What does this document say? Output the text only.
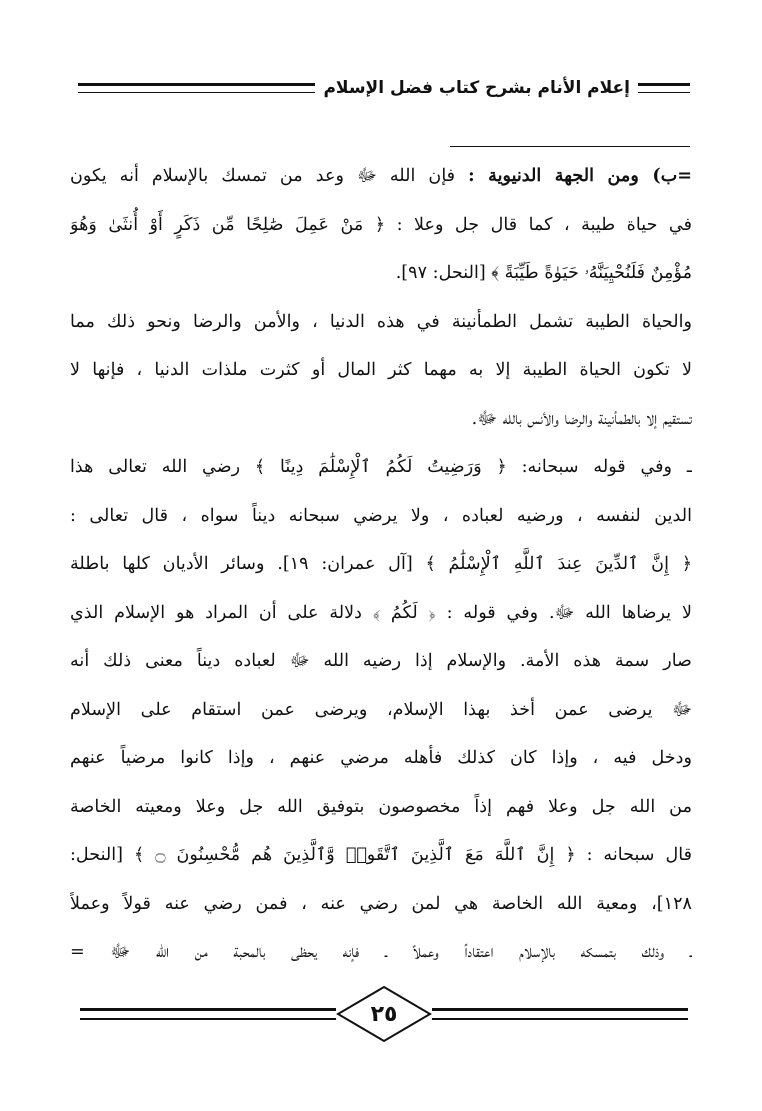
إعلام الأنام بشرح كتاب فضل الإسلام
=ب) ومن الجهة الدنيوية : فإن الله ﷻ وعد من تمسك بالإسلام أنه يكون
في حياة طيبة ، كما قال جل وعلا : ﴿ مَنْ عَمِلَ صَٰلِحًا مِّن ذَكَرٍ أَوْ أُنثَىٰ وَهُوَ
مُؤْمِنٌ فَلَنُحْيِيَنَّهُۥ حَيَوٰةً طَيِّبَةً ﴾ [النحل: ٩٧].
والحياة الطيبة تشمل الطمأنينة في هذه الدنيا ، والأمن والرضا ونحو ذلك مما
لا تكون الحياة الطيبة إلا به مهما كثر المال أو كثرت ملذات الدنيا ، فإنها لا
تستقيم إلا بالطمأنينة والرضا والأنس بالله ﷻ.
ـ وفي قوله سبحانه: ﴿ وَرَضِيتُ لَكُمُ ٱلْإِسْلَٰمَ دِينًا ﴾ رضي الله تعالى هذا
الدين لنفسه ، ورضيه لعباده ، ولا يرضي سبحانه ديناً سواه ، قال تعالى :
﴿ إِنَّ ٱلدِّينَ عِندَ ٱللَّهِ ٱلْإِسْلَٰمُ ﴾ [آل عمران: ١٩]. وسائر الأديان كلها باطلة
لا يرضاها الله ﷻ. وفي قوله : ﴿ لَكُمُ ﴾ دلالة على أن المراد هو الإسلام الذي
صار سمة هذه الأمة. والإسلام إذا رضيه الله ﷻ لعباده ديناً معنى ذلك أنه
ﷻ يرضى عمن أخذ بهذا الإسلام، ويرضى عمن استقام على الإسلام
ودخل فيه ، وإذا كان كذلك فأهله مرضي عنهم ، وإذا كانوا مرضياً عنهم
من الله جل وعلا فهم إذاً مخصوصون بتوفيق الله جل وعلا ومعيته الخاصة
قال سبحانه : ﴿ إِنَّ ٱللَّهَ مَعَ ٱلَّذِينَ ٱتَّقَوا۟ وَّٱلَّذِينَ هُم مُّحْسِنُونَ ۝ ﴾ [النحل:
١٢٨]، ومعية الله الخاصة هي لمن رضي عنه ، فمن رضي عنه قولاً وعملاً
ـ وذلك بتمسكه بالإسلام اعتقاداً وعملاً ـ فإنه يحظى بالمحبة من الله ﷻ =
٢٥
